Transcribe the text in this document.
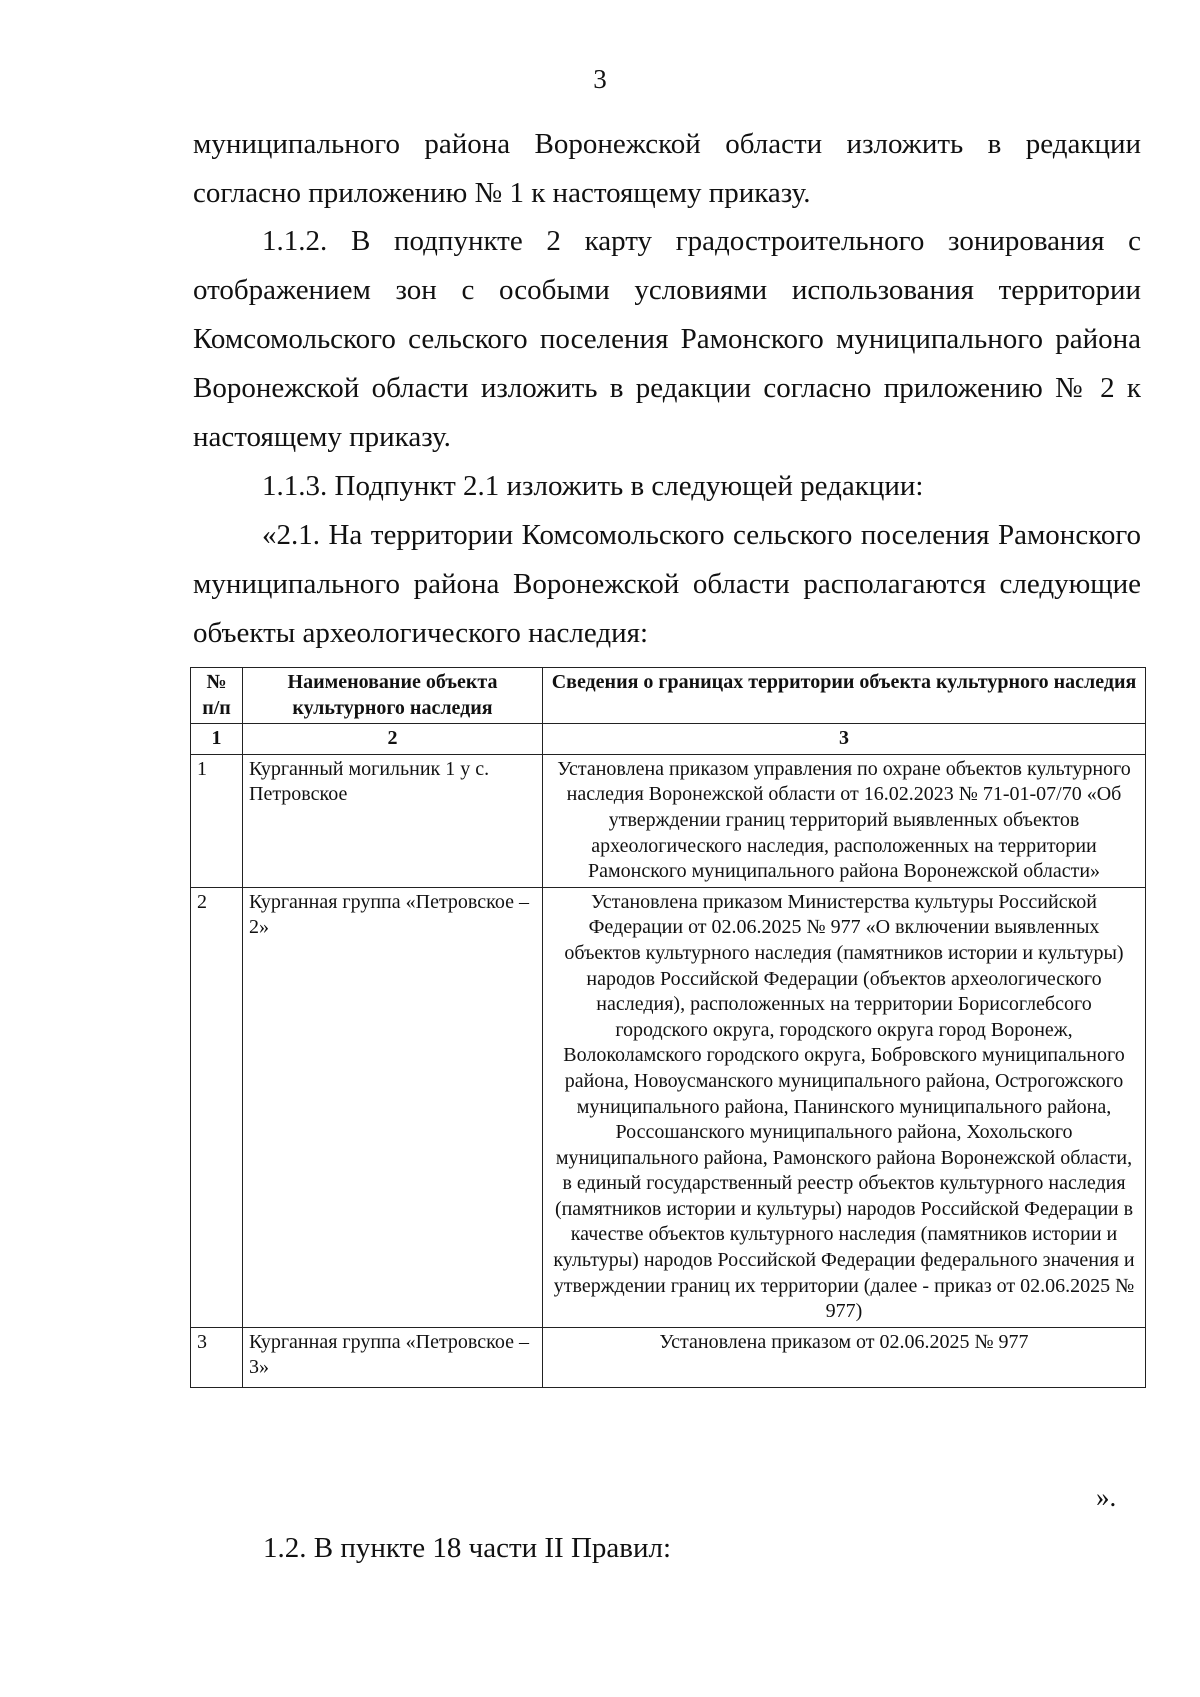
3

муниципального района Воронежской области изложить в редакции согласно приложению № 1 к настоящему приказу.

1.1.2. В подпункте 2 карту градостроительного зонирования с отображением зон с особыми условиями использования территории Комсомольского сельского поселения Рамонского муниципального района Воронежской области изложить в редакции согласно приложению № 2 к настоящему приказу.

1.1.3. Подпункт 2.1 изложить в следующей редакции:

«2.1. На территории Комсомольского сельского поселения Рамонского муниципального района Воронежской области располагаются следующие объекты археологического наследия:

№ п/п	Наименование объекта культурного наследия	Сведения о границах территории объекта культурного наследия
1	2	3
1	Курганный могильник 1 у с. Петровское	Установлена приказом управления по охране объектов культурного наследия Воронежской области от 16.02.2023 № 71-01-07/70 «Об утверждении границ территорий выявленных объектов археологического наследия, расположенных на территории Рамонского муниципального района Воронежской области»
2	Курганная группа «Петровское – 2»	Установлена приказом Министерства культуры Российской Федерации от 02.06.2025 № 977 «О включении выявленных объектов культурного наследия (памятников истории и культуры) народов Российской Федерации (объектов археологического наследия), расположенных на территории Борисоглебсого городского округа, городского округа город Воронеж, Волоколамского городского округа, Бобровского муниципального района, Новоусманского муниципального района, Острогожского муниципального района, Панинского муниципального района, Россошанского муниципального района, Хохольского муниципального района, Рамонского района Воронежской области, в единый государственный реестр объектов культурного наследия (памятников истории и культуры) народов Российской Федерации в качестве объектов культурного наследия (памятников истории и культуры) народов Российской Федерации федерального значения и утверждении границ их территории (далее - приказ от 02.06.2025 № 977)
3	Курганная группа «Петровское – 3»	Установлена приказом от 02.06.2025 № 977
».
1.2. В пункте 18 части II Правил:
